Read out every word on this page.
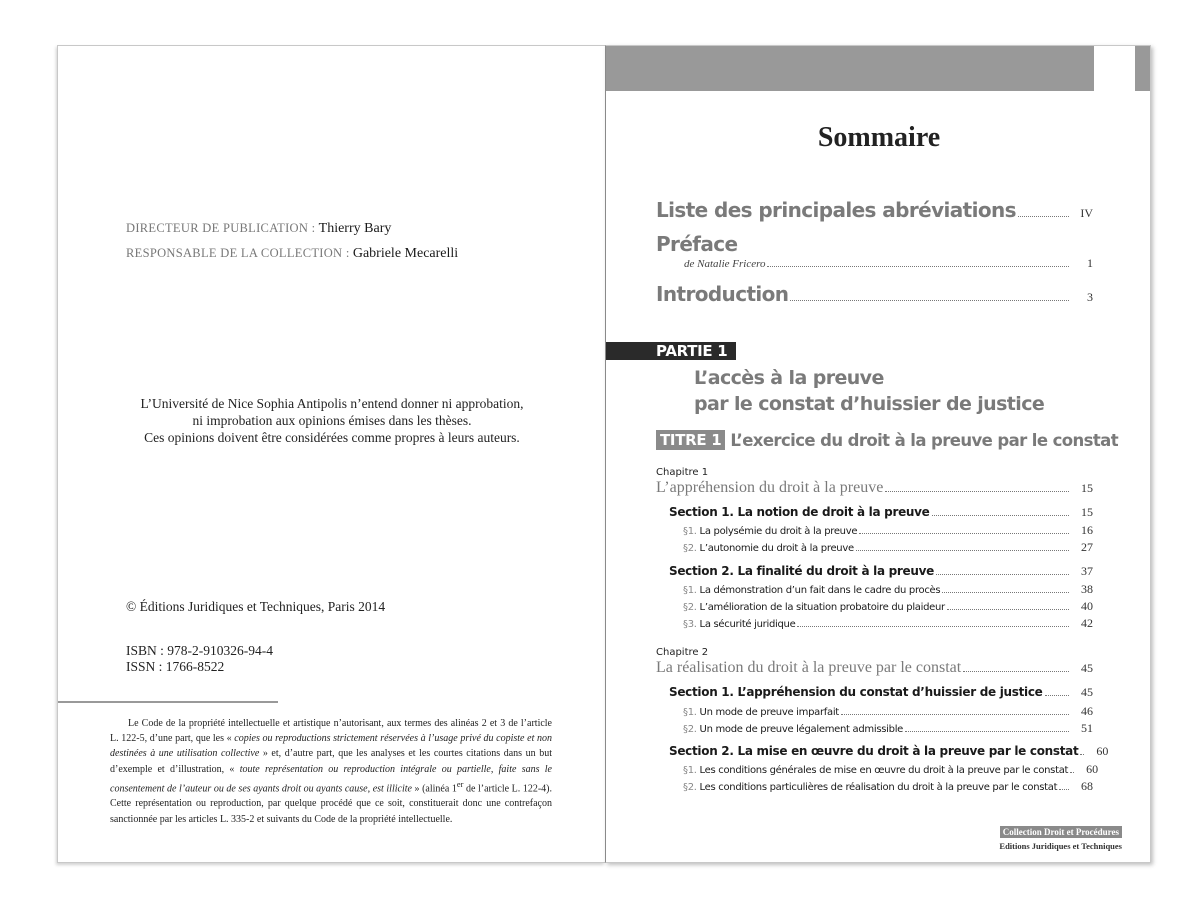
DIRECTEUR DE PUBLICATION : Thierry Bary
RESPONSABLE DE LA COLLECTION : Gabriele Mecarelli
L’Université de Nice Sophia Antipolis n’entend donner ni approbation,
ni improbation aux opinions émises dans les thèses.
Ces opinions doivent être considérées comme propres à leurs auteurs.
© Éditions Juridiques et Techniques, Paris 2014
ISBN : 978-2-910326-94-4
ISSN : 1766-8522

Le Code de la propriété intellectuelle et artistique n’autorisant, aux termes des alinéas 2 et 3 de l’article L. 122-5, d’une part, que les « copies ou reproductions strictement réservées à l’usage privé du copiste et non destinées à une utilisation collective » et, d’autre part, que les analyses et les courtes citations dans un but d’exemple et d’illustration, « toute représentation ou reproduction intégrale ou partielle, faite sans le consentement de l’auteur ou de ses ayants droit ou ayants cause, est illicite » (alinéa 1er de l’article L. 122-4). Cette représentation ou reproduction, par quelque procédé que ce soit, constituerait donc une contrefaçon sanctionnée par les articles L. 335-2 et suivants du Code de la propriété intellectuelle.

Sommaire
Liste des principales abréviations	IV
Préface
de Natalie Fricero	1
Introduction	3
PARTIE 1
L’accès à la preuve
par le constat d’huissier de justice
TITRE 1 L’exercice du droit à la preuve par le constat
Chapitre 1
L’appréhension du droit à la preuve	15
Section 1. La notion de droit à la preuve	15
§1. La polysémie du droit à la preuve	16
§2. L’autonomie du droit à la preuve	27
Section 2. La finalité du droit à la preuve	37
§1. La démonstration d’un fait dans le cadre du procès	38
§2. L’amélioration de la situation probatoire du plaideur	40
§3. La sécurité juridique	42
Chapitre 2
La réalisation du droit à la preuve par le constat	45
Section 1. L’appréhension du constat d’huissier de justice	45
§1. Un mode de preuve imparfait	46
§2. Un mode de preuve légalement admissible	51
Section 2. La mise en œuvre du droit à la preuve par le constat	60
§1. Les conditions générales de mise en œuvre du droit à la preuve par le constat	60
§2. Les conditions particulières de réalisation du droit à la preuve par le constat	68
Collection Droit et Procédures
Editions Juridiques et Techniques
